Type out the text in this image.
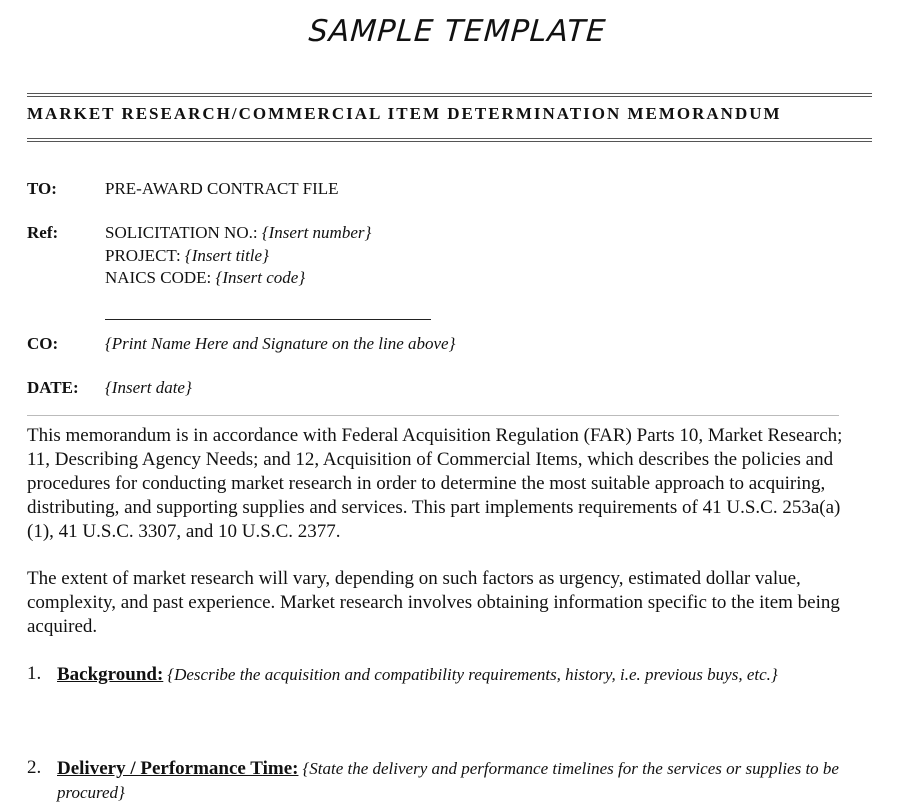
SAMPLE TEMPLATE
MARKET RESEARCH/COMMERCIAL ITEM DETERMINATION MEMORANDUM
TO:	PRE-AWARD CONTRACT FILE
Ref:	SOLICITATION NO.: {Insert number}
PROJECT: {Insert title}
NAICS CODE: {Insert code}
CO:	{Print Name Here and Signature on the line above}
DATE: {Insert date}
This memorandum is in accordance with Federal Acquisition Regulation (FAR) Parts 10, Market Research; 11, Describing Agency Needs; and 12, Acquisition of Commercial Items, which describes the policies and procedures for conducting market research in order to determine the most suitable approach to acquiring, distributing, and supporting supplies and services. This part implements requirements of 41 U.S.C. 253a(a)(1), 41 U.S.C. 3307, and 10 U.S.C. 2377.
The extent of market research will vary, depending on such factors as urgency, estimated dollar value, complexity, and past experience. Market research involves obtaining information specific to the item being acquired.
1. Background: {Describe the acquisition and compatibility requirements, history, i.e. previous buys, etc.}
2. Delivery / Performance Time: {State the delivery and performance timelines for the services or supplies to be procured}
